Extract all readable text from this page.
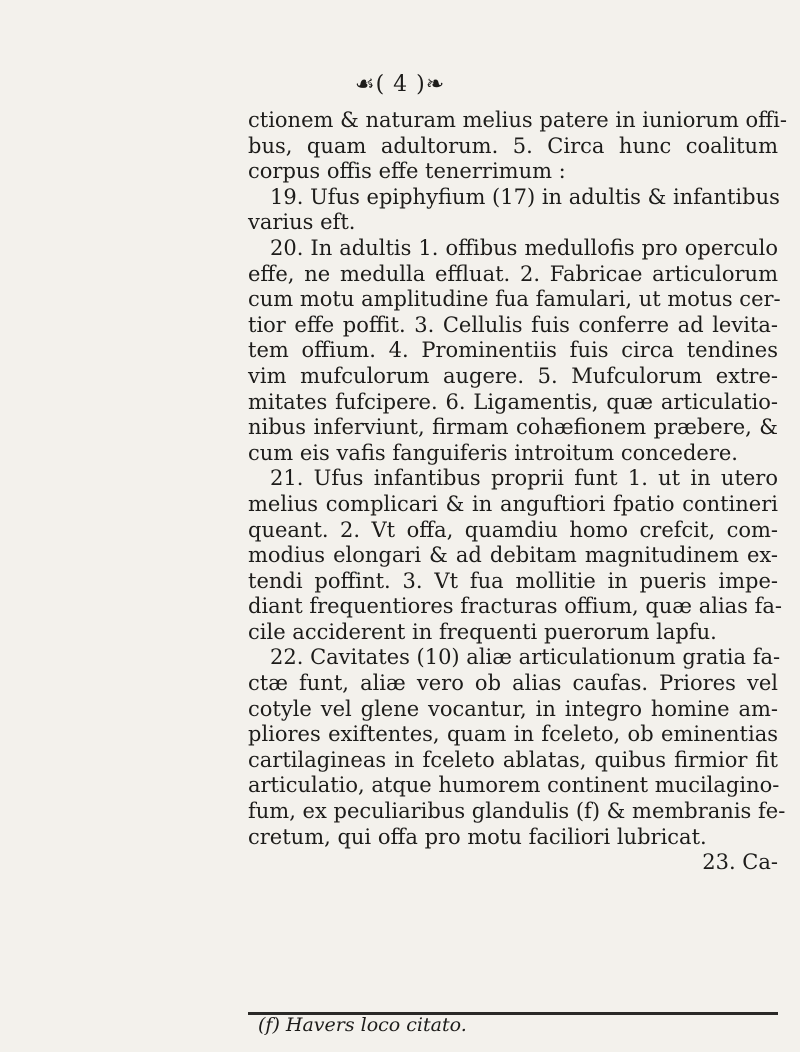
☙( 4 )❧
ctionem & naturam melius patere in iuniorum offi-
bus, quam adultorum. 5. Circa hunc coalitum
corpus offis effe tenerrimum :
19. Ufus epiphyfium (17) in adultis & infantibus
varius eft.
20. In adultis 1. offibus medullofis pro operculo
effe, ne medulla effluat. 2. Fabricae articulorum
cum motu amplitudine fua famulari, ut motus cer-
tior effe poffit. 3. Cellulis fuis conferre ad levita-
tem offium. 4. Prominentiis fuis circa tendines
vim mufculorum augere. 5. Mufculorum extre-
mitates fufcipere. 6. Ligamentis, quæ articulatio-
nibus inferviunt, firmam cohæfionem præbere, &
cum eis vafis fanguiferis introitum concedere.
21. Ufus infantibus proprii funt 1. ut in utero
melius complicari & in anguftiori fpatio contineri
queant. 2. Vt offa, quamdiu homo crefcit, com-
modius elongari & ad debitam magnitudinem ex-
tendi poffint. 3. Vt fua mollitie in pueris impe-
diant frequentiores fracturas offium, quæ alias fa-
cile acciderent in frequenti puerorum lapfu.
22. Cavitates (10) aliæ articulationum gratia fa-
ctæ funt, aliæ vero ob alias caufas. Priores vel
cotyle vel glene vocantur, in integro homine am-
pliores exiftentes, quam in fceleto, ob eminentias
cartilagineas in fceleto ablatas, quibus firmior fit
articulatio, atque humorem continent mucilagino-
fum, ex peculiaribus glandulis (f) & membranis fe-
cretum, qui offa pro motu faciliori lubricat.
23. Ca-
(f) Havers loco citato.
